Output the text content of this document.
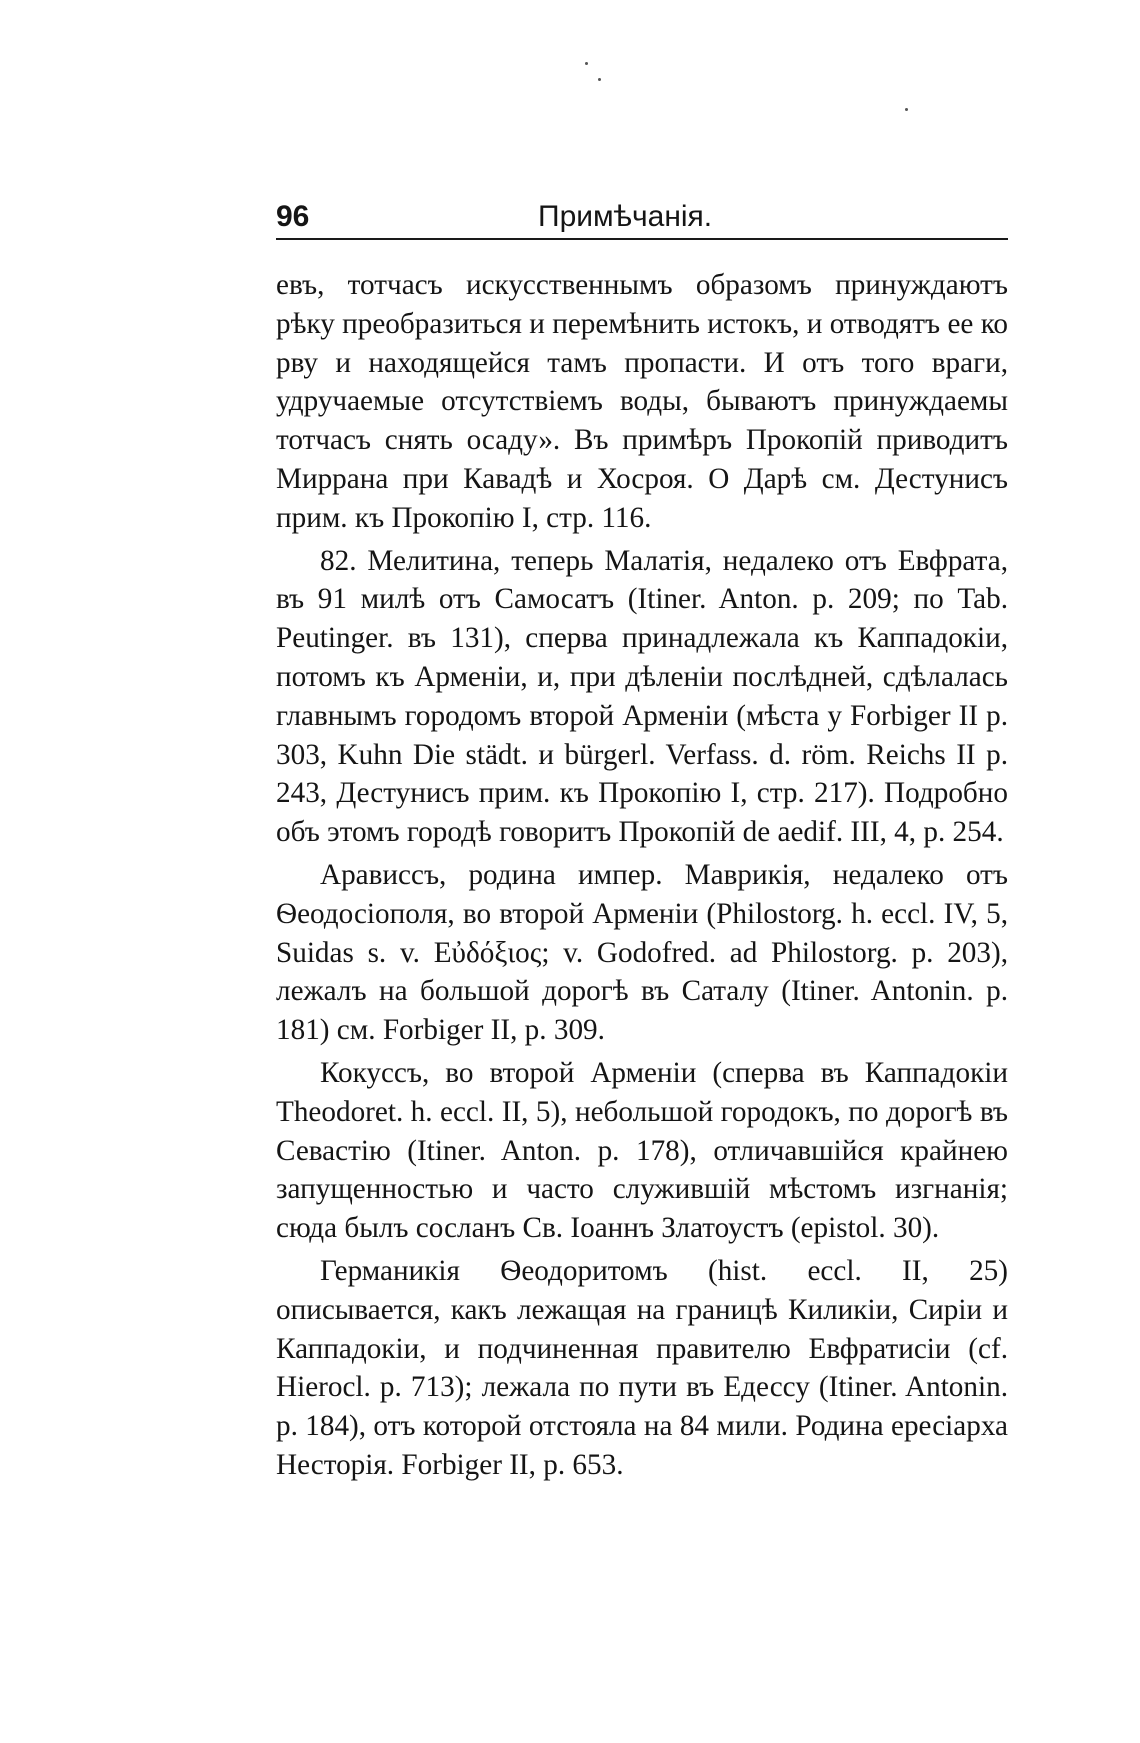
96	Примѣчанія.

евъ, тотчасъ искусственнымъ образомъ принуждаютъ рѣку преобразиться и перемѣнить истокъ, и отводятъ ее ко рву и находящейся тамъ пропасти. И отъ того враги, удручаемые отсутствіемъ воды, бываютъ принуждаемы тотчасъ снять осаду». Въ примѣръ Прокопій приводитъ Миррана при Кавадѣ и Хосроя. О Дарѣ см. Дестунисъ прим. къ Прокопію I, стр. 116.

82. Мелитина, теперь Малатія, недалеко отъ Евфрата, въ 91 милѣ отъ Самосатъ (Itiner. Anton. p. 209; по Tab. Peutinger. въ 131), сперва принадлежала къ Каппадокіи, потомъ къ Арменіи, и, при дѣленіи послѣдней, сдѣлалась главнымъ городомъ второй Арменіи (мѣста у Forbiger II p. 303, Kuhn Die städt. и bürgerl. Verfass. d. röm. Reichs II p. 243, Дестунисъ прим. къ Прокопію I, стр. 217). Подробно объ этомъ городѣ говоритъ Прокопій de aedif. III, 4, p. 254.

Арависсъ, родина импер. Маврикія, недалеко отъ Ѳеодосіополя, во второй Арменіи (Philostorg. h. eccl. IV, 5, Suidas s. v. Εὐδόξιος; v. Godofred. ad Philostorg. p. 203), лежалъ на большой дорогѣ въ Саталу (Itiner. Antonin. p. 181) см. Forbiger II, p. 309.

Кокуссъ, во второй Арменіи (сперва въ Каппадокіи Theodoret. h. eccl. II, 5), небольшой городокъ, по дорогѣ въ Севастію (Itiner. Anton. p. 178), отличавшійся крайнею запущенностью и часто служившій мѣстомъ изгнанія; сюда былъ сосланъ Св. Іоаннъ Златоустъ (epistol. 30).

Германикія Ѳеодоритомъ (hist. eccl. II, 25) описывается, какъ лежащая на границѣ Киликіи, Сиріи и Каппадокіи, и подчиненная правителю Евфратисіи (cf. Hierocl. p. 713); лежала по пути въ Едессу (Itiner. Antonin. p. 184), отъ которой отстояла на 84 мили. Родина ересіарха Несторія. Forbiger II, p. 653.
